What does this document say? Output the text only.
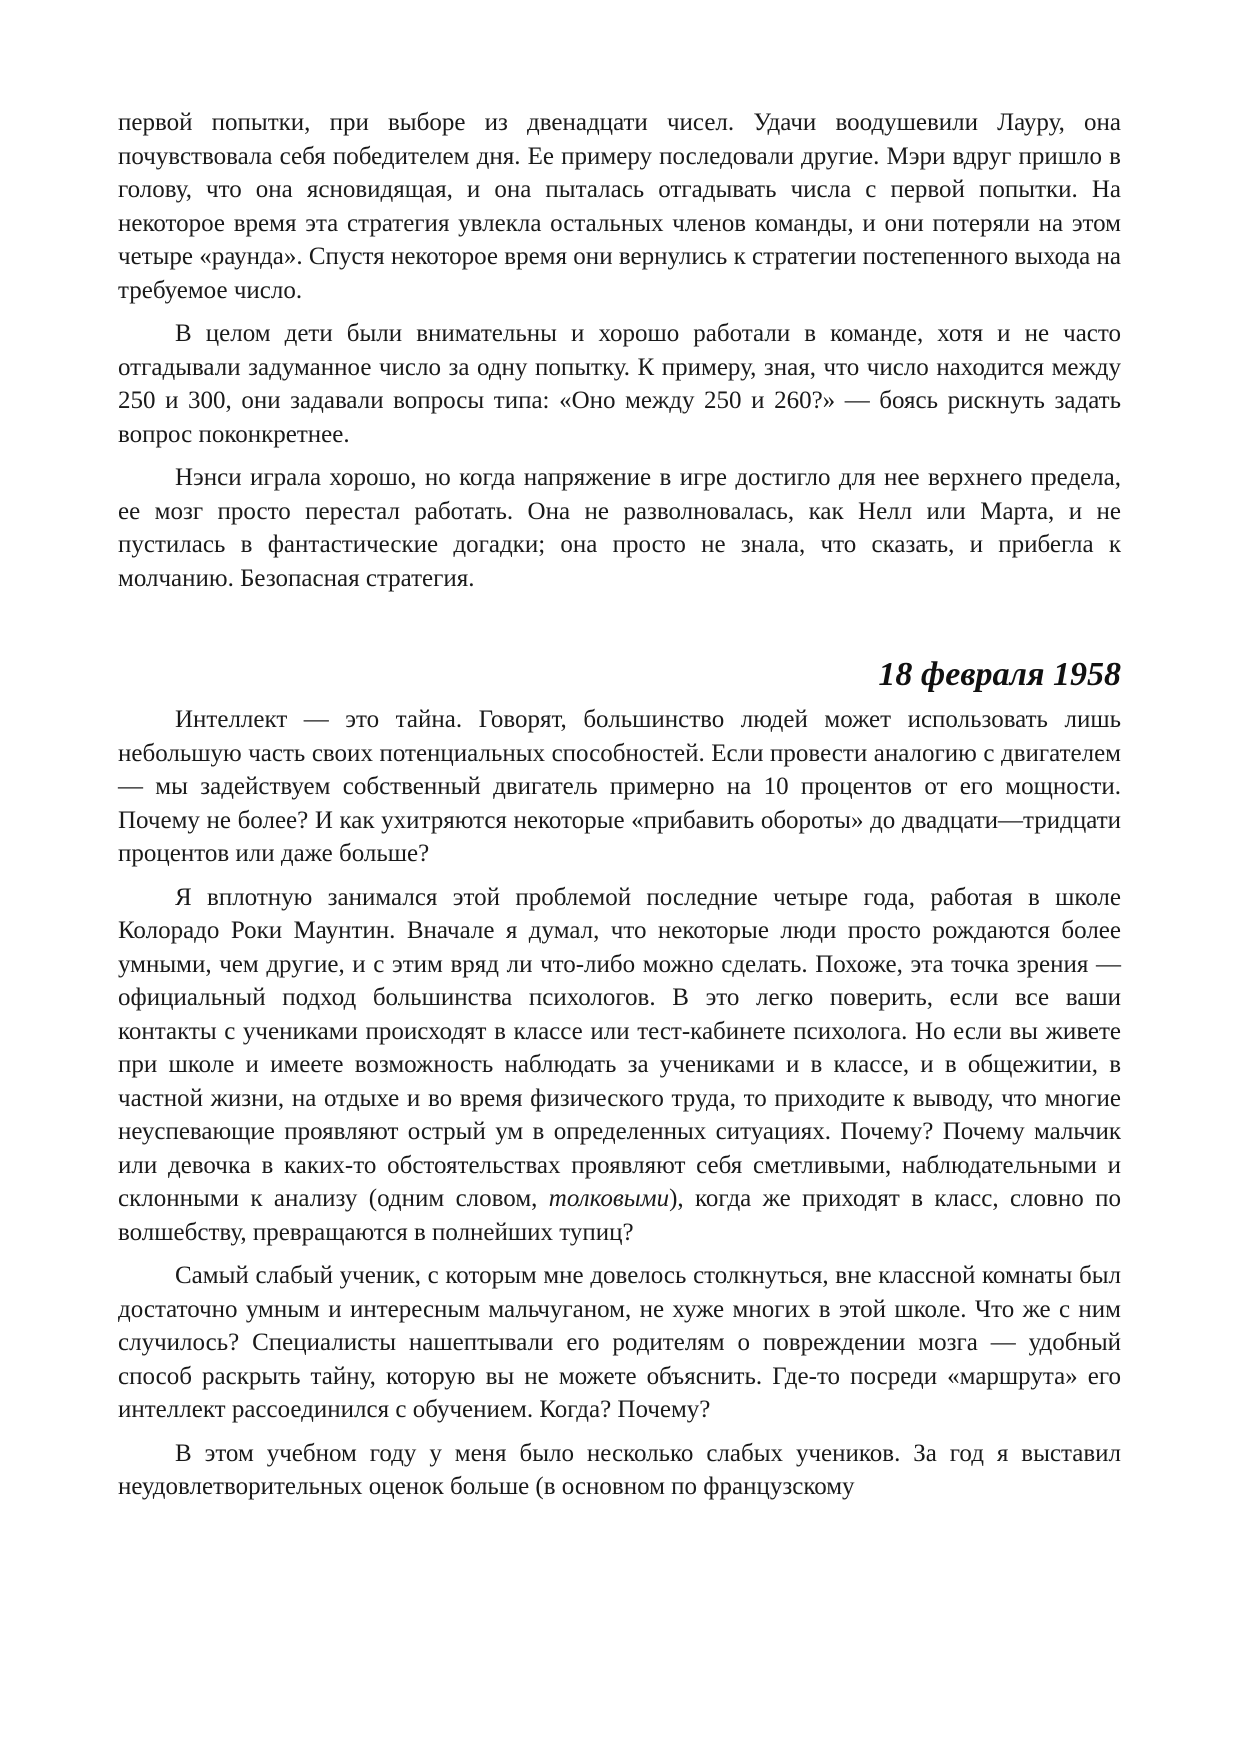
первой попытки, при выборе из двенадцати чисел. Удачи воодушевили Лауру, она почувствовала себя победителем дня. Ее примеру последовали другие. Мэри вдруг пришло в голову, что она ясновидящая, и она пыталась отгадывать числа с первой попытки. На некоторое время эта стратегия увлекла остальных членов команды, и они потеряли на этом четыре «раунда». Спустя некоторое время они вернулись к стратегии постепенного выхода на требуемое число.

В целом дети были внимательны и хорошо работали в команде, хотя и не часто отгадывали задуманное число за одну попытку. К примеру, зная, что число находится между 250 и 300, они задавали вопросы типа: «Оно между 250 и 260?» — боясь рискнуть задать вопрос поконкретнее.

Нэнси играла хорошо, но когда напряжение в игре достигло для нее верхнего предела, ее мозг просто перестал работать. Она не разволновалась, как Нелл или Марта, и не пустилась в фантастические догадки; она просто не знала, что сказать, и прибегла к молчанию. Безопасная стратегия.

18 февраля 1958

Интеллект — это тайна. Говорят, большинство людей может использовать лишь небольшую часть своих потенциальных способностей. Если провести аналогию с двигателем — мы задействуем собственный двигатель примерно на 10 процентов от его мощности. Почему не более? И как ухитряются некоторые «прибавить обороты» до двадцати—тридцати процентов или даже больше?

Я вплотную занимался этой проблемой последние четыре года, работая в школе Колорадо Роки Маунтин. Вначале я думал, что некоторые люди просто рождаются более умными, чем другие, и с этим вряд ли что-либо можно сделать. Похоже, эта точка зрения — официальный подход большинства психологов. В это легко поверить, если все ваши контакты с учениками происходят в классе или тест-кабинете психолога. Но если вы живете при школе и имеете возможность наблюдать за учениками и в классе, и в общежитии, в частной жизни, на отдыхе и во время физического труда, то приходите к выводу, что многие неуспевающие проявляют острый ум в определенных ситуациях. Почему? Почему мальчик или девочка в каких-то обстоятельствах проявляют себя сметливыми, наблюдательными и склонными к анализу (одним словом, толковыми), когда же приходят в класс, словно по волшебству, превращаются в полнейших тупиц?

Самый слабый ученик, с которым мне довелось столкнуться, вне классной комнаты был достаточно умным и интересным мальчуганом, не хуже многих в этой школе. Что же с ним случилось? Специалисты нашептывали его родителям о повреждении мозга — удобный способ раскрыть тайну, которую вы не можете объяснить. Где-то посреди «маршрута» его интеллект рассоединился с обучением. Когда? Почему?

В этом учебном году у меня было несколько слабых учеников. За год я выставил неудовлетворительных оценок больше (в основном по французскому
